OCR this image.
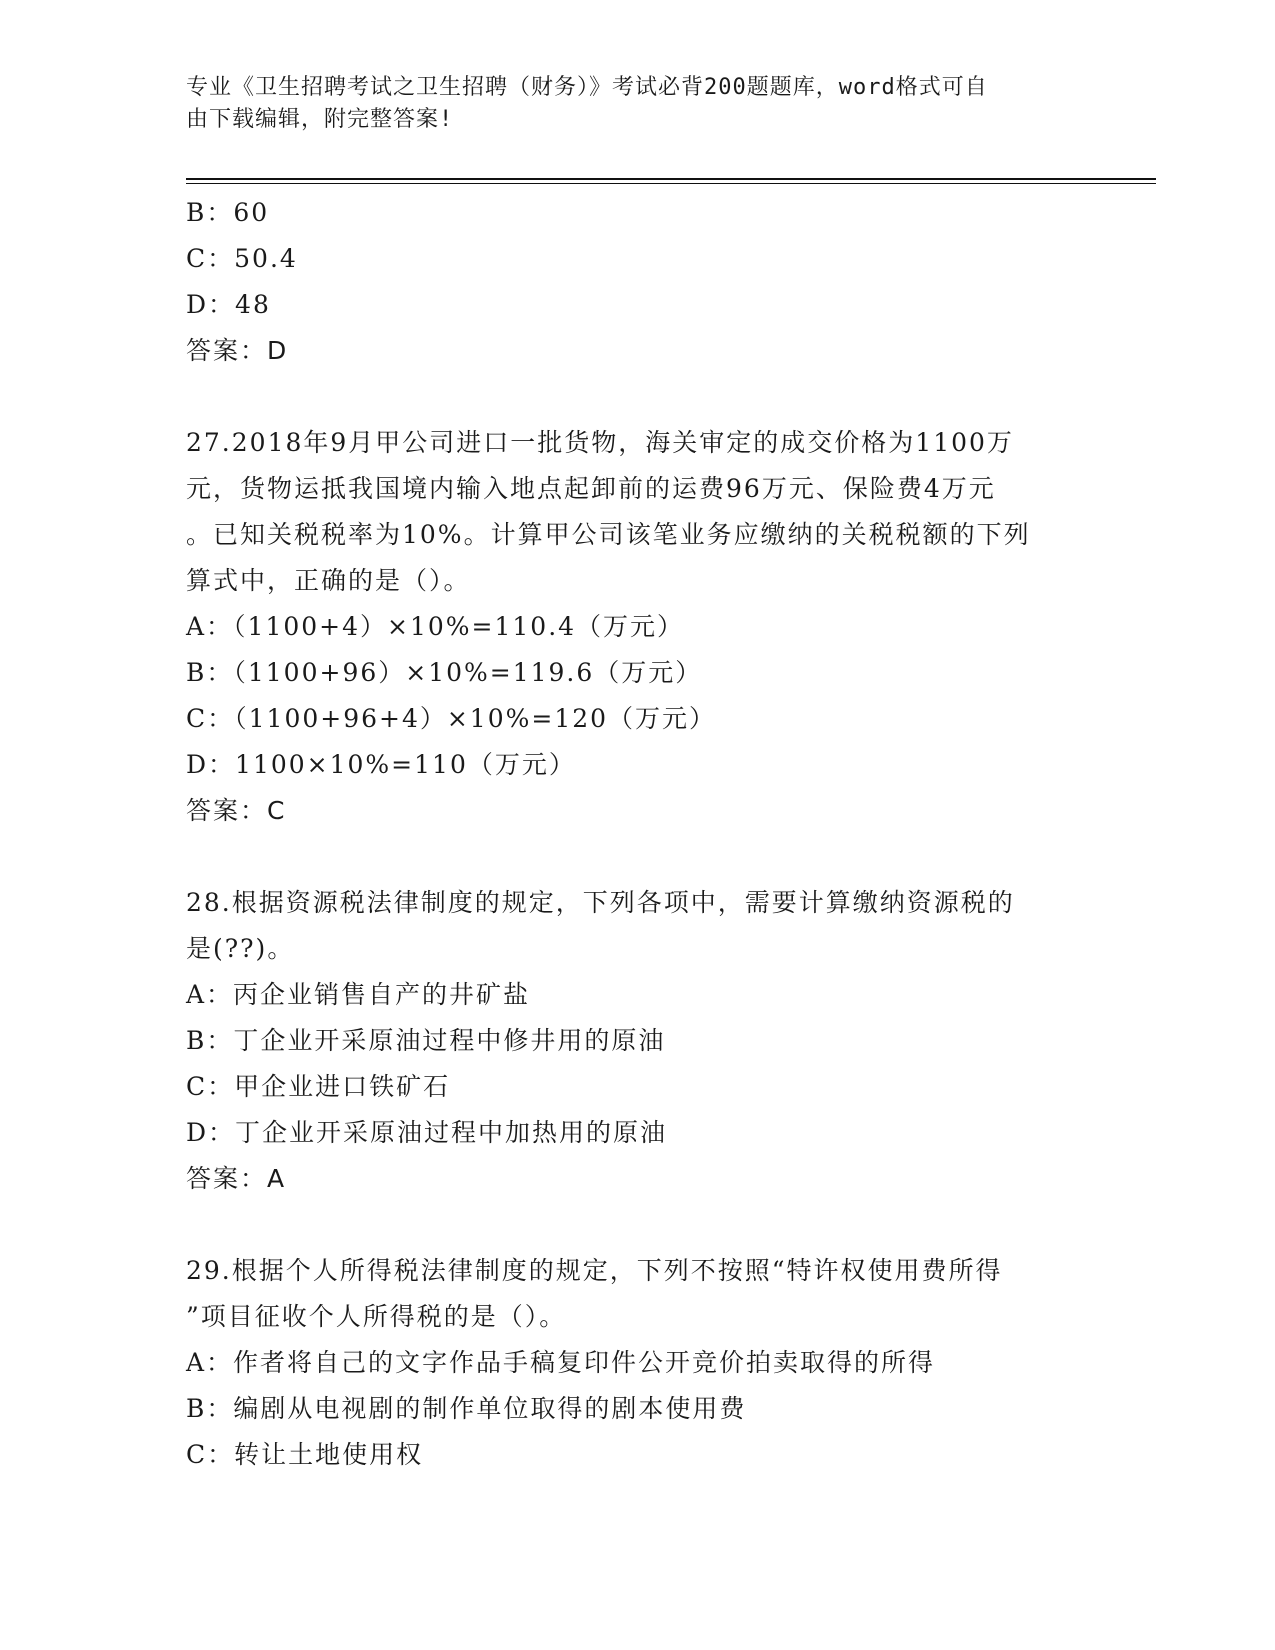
专业《卫生招聘考试之卫生招聘（财务）》考试必背200题题库，word格式可自
由下载编辑，附完整答案!
B：60
C：50.4
D：48
答案：D
27.2018年9月甲公司进口一批货物，海关审定的成交价格为1100万
元，货物运抵我国境内输入地点起卸前的运费96万元、保险费4万元
。已知关税税率为10%。计算甲公司该笔业务应缴纳的关税税额的下列
算式中，正确的是（）。
A：（1100+4）×10%=110.4（万元）
B：（1100+96）×10%=119.6（万元）
C：（1100+96+4）×10%=120（万元）
D：1100×10%=110（万元）
答案：C
28.根据资源税法律制度的规定，下列各项中，需要计算缴纳资源税的
是(??)。
A：丙企业销售自产的井矿盐
B：丁企业开采原油过程中修井用的原油
C：甲企业进口铁矿石
D：丁企业开采原油过程中加热用的原油
答案：A
29.根据个人所得税法律制度的规定，下列不按照“特许权使用费所得
”项目征收个人所得税的是（）。
A：作者将自己的文字作品手稿复印件公开竞价拍卖取得的所得
B：编剧从电视剧的制作单位取得的剧本使用费
C：转让土地使用权
